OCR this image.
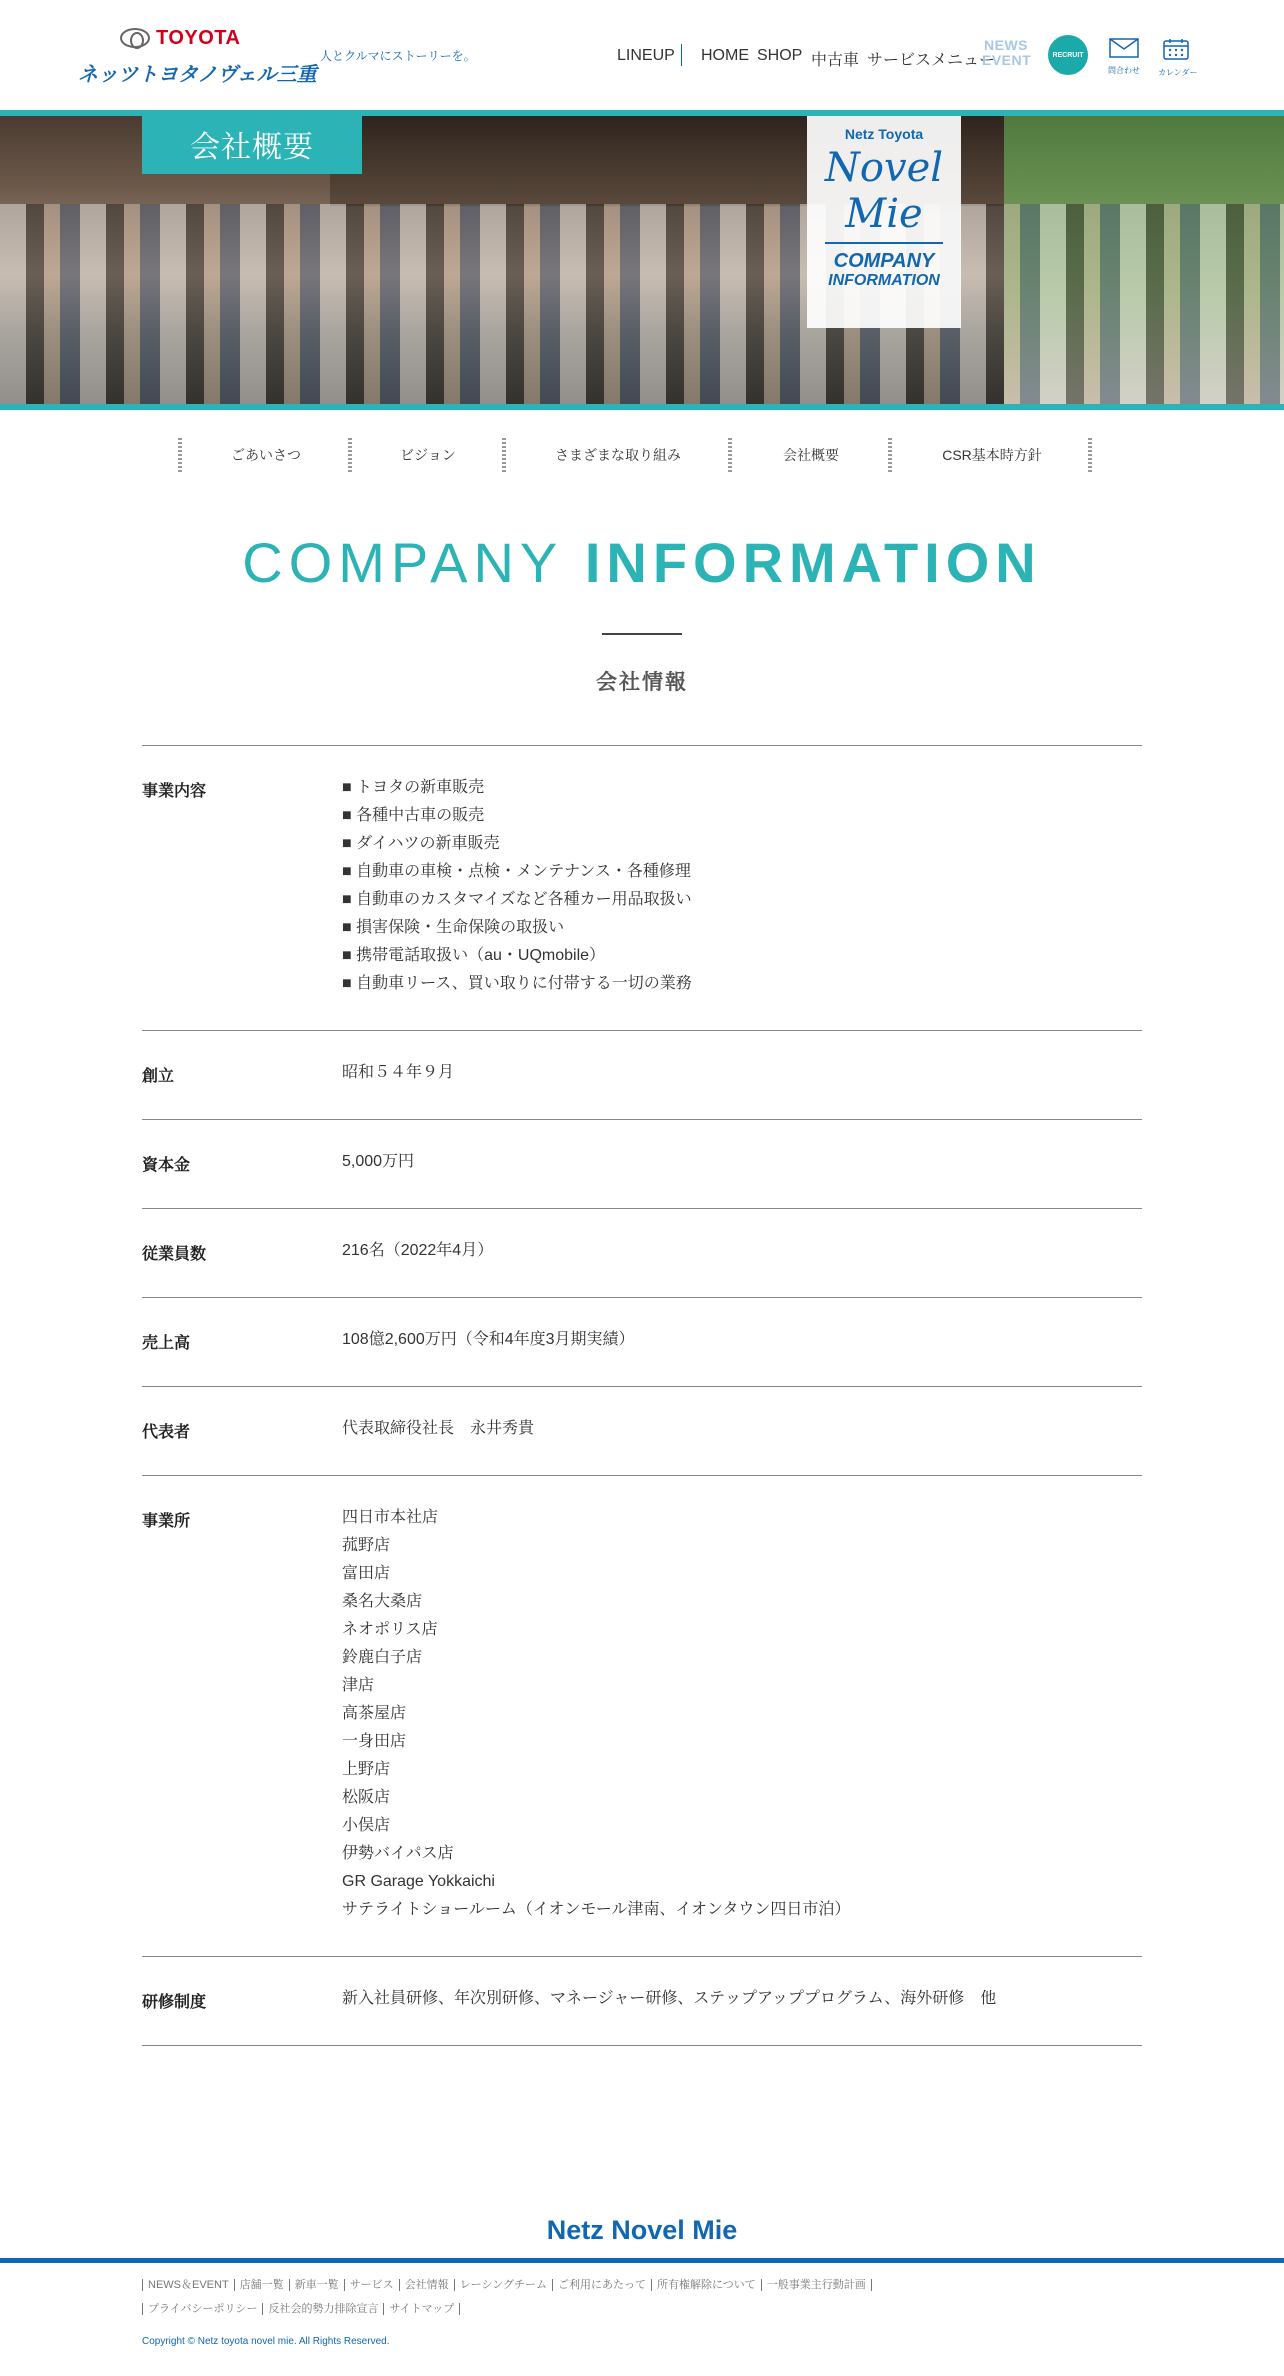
TOYOTA
ネッツトヨタノヴェル三重
人とクルマにストーリーを。	LINEUP HOME SHOP 中古車 サービスメニュー
NEWS
EVENT	RECRUIT
問合わせ カレンダー
会社概要	Netz Toyota
Novel
Mie
COMPANY
INFORMATION
ごあいさつ	ビジョン	さまざまな取り組み	会社概要	CSR基本時方針
COMPANY INFORMATION
会社情報
事業内容	■ トヨタの新車販売
■ 各種中古車の販売
■ ダイハツの新車販売
■ 自動車の車検・点検・メンテナンス・各種修理
■ 自動車のカスタマイズなど各種カー用品取扱い
■ 損害保険・生命保険の取扱い
■ 携帯電話取扱い（au・UQmobile）
■ 自動車リース、買い取りに付帯する一切の業務
創立	昭和５４年９月
資本金	5,000万円
従業員数	216名（2022年4月）
売上高	108億2,600万円（令和4年度3月期実績）
代表者	代表取締役社長　永井秀貴
事業所	四日市本社店
菰野店
富田店
桑名大桑店
ネオポリス店
鈴鹿白子店
津店
高茶屋店
一身田店
上野店
松阪店
小俣店
伊勢バイパス店
GR Garage Yokkaichi
サテライトショールーム（イオンモール津南、イオンタウン四日市泊）
研修制度	新入社員研修、年次別研修、マネージャー研修、ステップアッププログラム、海外研修　他
Netz Novel Mie
NEWS＆EVENT 店舗一覧 新車一覧 サービス 会社情報 レーシングチーム ご利用にあたって 所有権解除について 一般事業主行動計画
プライバシーポリシー 反社会的勢力排除宣言 サイトマップ
Copyright © Netz toyota novel mie. All Rights Reserved.
